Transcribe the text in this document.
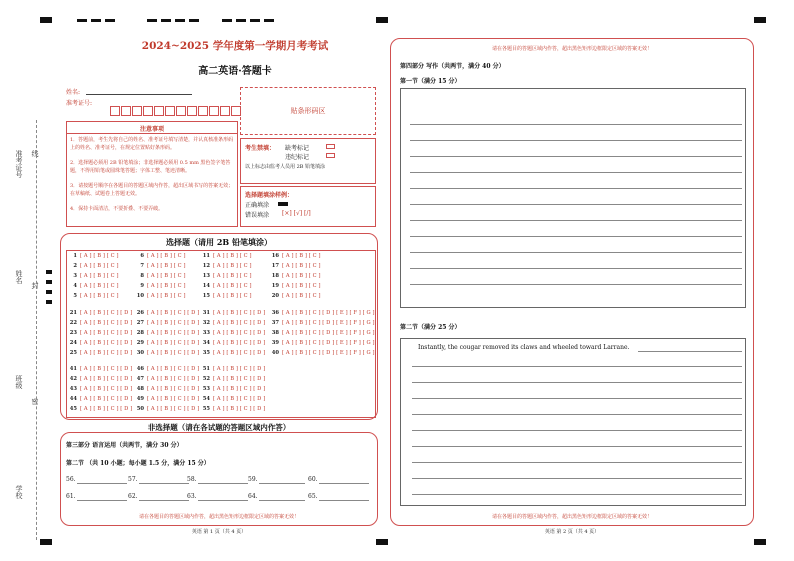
准考证号 线
姓名
封
班级
密
学校
2024~2025 学年度第一学期月考考试
高二英语·答题卡
姓名:
准考证号:
贴条形码区
注意事项
1．答题前，考生先将自己的姓名、准考证号填写清楚，并认真核准条形码上的姓名、准考证号，在规定位置贴好条形码。
2．选择题必须用 2B 铅笔填涂；非选择题必须用 0.5 mm 黑色签字笔答题，不得用铅笔或圆珠笔答题；字体工整、笔迹清晰。
3．请按题号顺序在各题目的答题区域内作答，超出区域书写的答案无效；在草稿纸、试题卷上答题无效。
4．保持卡面清洁，不要折叠、不要弄破。
考生禁填： 缺考标记
违纪标记
以上标志由监考人员用 2B 铅笔填涂
选择题填涂样例：
正确填涂
错误填涂 [×] [√] [/]
选择题（请用 2B 铅笔填涂）
1 [ A ] [ B ] [ C ]	6 [ A ] [ B ] [ C ]	11 [ A ] [ B ] [ C ]	16 [ A ] [ B ] [ C ]
2 [ A ] [ B ] [ C ]	7 [ A ] [ B ] [ C ]	12 [ A ] [ B ] [ C ]	17 [ A ] [ B ] [ C ]
3 [ A ] [ B ] [ C ]	8 [ A ] [ B ] [ C ]	13 [ A ] [ B ] [ C ]	18 [ A ] [ B ] [ C ]
4 [ A ] [ B ] [ C ]	9 [ A ] [ B ] [ C ]	14 [ A ] [ B ] [ C ]	19 [ A ] [ B ] [ C ]
5 [ A ] [ B ] [ C ]	10 [ A ] [ B ] [ C ]	15 [ A ] [ B ] [ C ]	20 [ A ] [ B ] [ C ]
21 [ A ] [ B ] [ C ] [ D ] 26 [ A ] [ B ] [ C ] [ D ] 31 [ A ] [ B ] [ C ] [ D ]	36 [ A ] [ B ] [ C ] [ D ] [ E ] [ F ] [ G ]
22 [ A ] [ B ] [ C ] [ D ] 27 [ A ] [ B ] [ C ] [ D ] 32 [ A ] [ B ] [ C ] [ D ]	37 [ A ] [ B ] [ C ] [ D ] [ E ] [ F ] [ G ]
23 [ A ] [ B ] [ C ] [ D ] 28 [ A ] [ B ] [ C ] [ D ] 33 [ A ] [ B ] [ C ] [ D ]	38 [ A ] [ B ] [ C ] [ D ] [ E ] [ F ] [ G ]
24 [ A ] [ B ] [ C ] [ D ] 29 [ A ] [ B ] [ C ] [ D ] 34 [ A ] [ B ] [ C ] [ D ]	39 [ A ] [ B ] [ C ] [ D ] [ E ] [ F ] [ G ]
25 [ A ] [ B ] [ C ] [ D ] 30 [ A ] [ B ] [ C ] [ D ] 35 [ A ] [ B ] [ C ] [ D ]	40 [ A ] [ B ] [ C ] [ D ] [ E ] [ F ] [ G ]
41 [ A ] [ B ] [ C ] [ D ] 46 [ A ] [ B ] [ C ] [ D ] 51 [ A ] [ B ] [ C ] [ D ]
42 [ A ] [ B ] [ C ] [ D ] 47 [ A ] [ B ] [ C ] [ D ] 52 [ A ] [ B ] [ C ] [ D ]
43 [ A ] [ B ] [ C ] [ D ] 48 [ A ] [ B ] [ C ] [ D ] 53 [ A ] [ B ] [ C ] [ D ]
44 [ A ] [ B ] [ C ] [ D ] 49 [ A ] [ B ] [ C ] [ D ] 54 [ A ] [ B ] [ C ] [ D ]
45 [ A ] [ B ] [ C ] [ D ] 50 [ A ] [ B ] [ C ] [ D ] 55 [ A ] [ B ] [ C ] [ D ]
非选择题（请在各试题的答题区域内作答）
第三部分 语言运用（共两节，满分 30 分）
第二节 （共 10 小题；每小题 1.5 分，满分 15 分）
56.	57.	58.	59.	60.
61.	62.	63.	64.	65.
请在各题目的答题区域内作答，超出黑色矩形边框限定区域的答案无效！
英语 第 1 页（共 4 页）
请在各题目的答题区域内作答，超出黑色矩形边框限定区域的答案无效！
第四部分 写作（共两节，满分 40 分）
第一节（满分 15 分）
第二节（满分 25 分）
Instantly, the cougar removed its claws and wheeled toward Larrane.
请在各题目的答题区域内作答，超出黑色矩形边框限定区域的答案无效！
英语 第 2 页（共 4 页）
